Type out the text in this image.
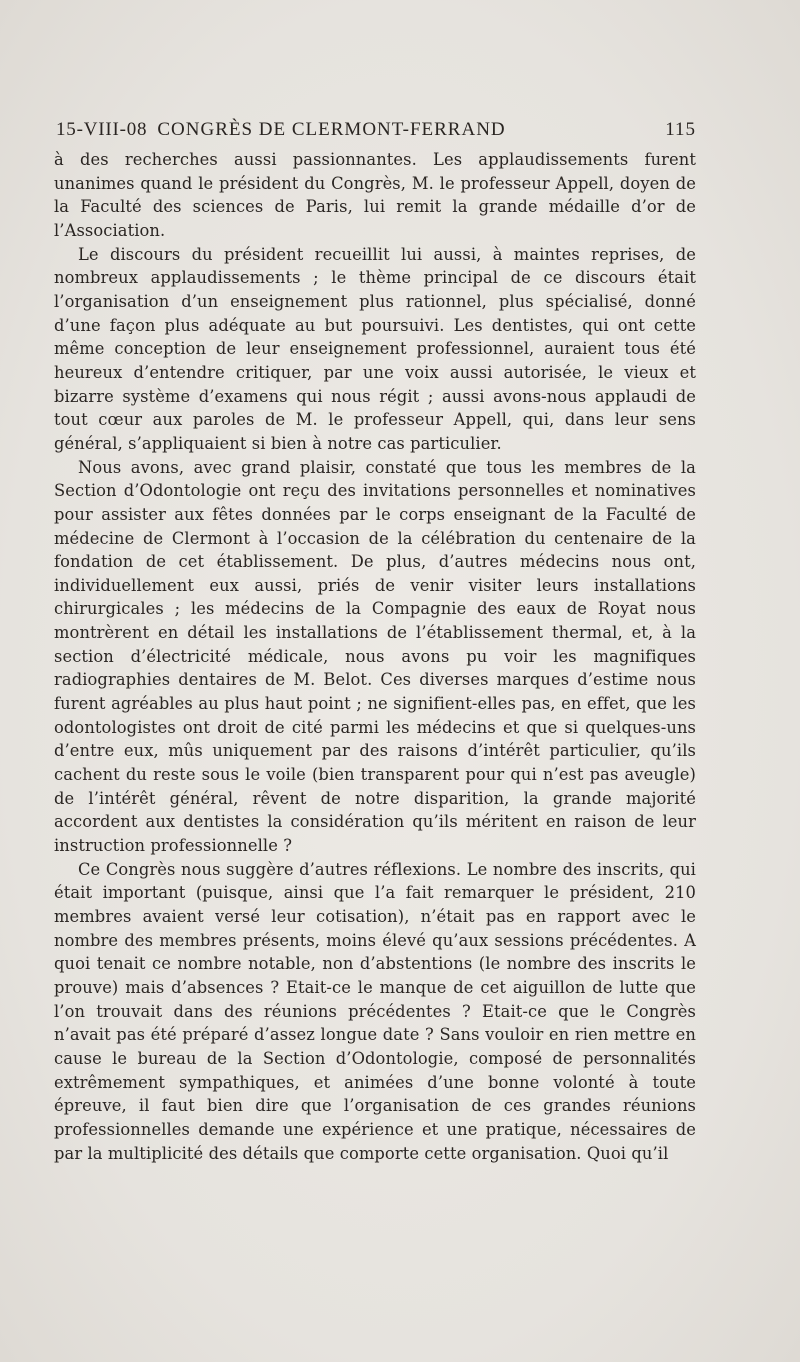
15-VIII-08 CONGRÈS DE CLERMONT-FERRAND	115

à des recherches aussi passionnantes. Les applaudissements furent unanimes quand le président du Congrès, M. le professeur Appell, doyen de la Faculté des sciences de Paris, lui remit la grande médaille d’or de l’Association.

Le discours du président recueillit lui aussi, à maintes reprises, de nombreux applaudissements ; le thème principal de ce discours était l’organisation d’un enseignement plus rationnel, plus spécialisé, donné d’une façon plus adéquate au but poursuivi. Les dentistes, qui ont cette même conception de leur enseignement professionnel, auraient tous été heureux d’entendre critiquer, par une voix aussi autorisée, le vieux et bizarre système d’examens qui nous régit ; aussi avons-nous applaudi de tout cœur aux paroles de M. le professeur Appell, qui, dans leur sens général, s’appliquaient si bien à notre cas particulier.

Nous avons, avec grand plaisir, constaté que tous les membres de la Section d’Odontologie ont reçu des invitations personnelles et nominatives pour assister aux fêtes données par le corps enseignant de la Faculté de médecine de Clermont à l’occasion de la célébration du centenaire de la fondation de cet établissement. De plus, d’autres médecins nous ont, individuellement eux aussi, priés de venir visiter leurs installations chirurgicales ; les médecins de la Compagnie des eaux de Royat nous montrèrent en détail les installations de l’établissement thermal, et, à la section d’électricité médicale, nous avons pu voir les magnifiques radiographies dentaires de M. Belot. Ces diverses marques d’estime nous furent agréables au plus haut point ; ne signifient-elles pas, en effet, que les odontologistes ont droit de cité parmi les médecins et que si quelques-uns d’entre eux, mûs uniquement par des raisons d’intérêt particulier, qu’ils cachent du reste sous le voile (bien transparent pour qui n’est pas aveugle) de l’intérêt général, rêvent de notre disparition, la grande majorité accordent aux dentistes la considération qu’ils méritent en raison de leur instruction professionnelle ?

Ce Congrès nous suggère d’autres réflexions. Le nombre des inscrits, qui était important (puisque, ainsi que l’a fait remarquer le président, 210 membres avaient versé leur cotisation), n’était pas en rapport avec le nombre des membres présents, moins élevé qu’aux sessions précédentes. A quoi tenait ce nombre notable, non d’abstentions (le nombre des inscrits le prouve) mais d’absences ? Etait-ce le manque de cet aiguillon de lutte que l’on trouvait dans des réunions précédentes ? Etait-ce que le Congrès n’avait pas été préparé d’assez longue date ? Sans vouloir en rien mettre en cause le bureau de la Section d’Odontologie, composé de personnalités extrêmement sympathiques, et animées d’une bonne volonté à toute épreuve, il faut bien dire que l’organisation de ces grandes réunions professionnelles demande une expérience et une pratique, nécessaires de par la multiplicité des détails que comporte cette organisation. Quoi qu’il
